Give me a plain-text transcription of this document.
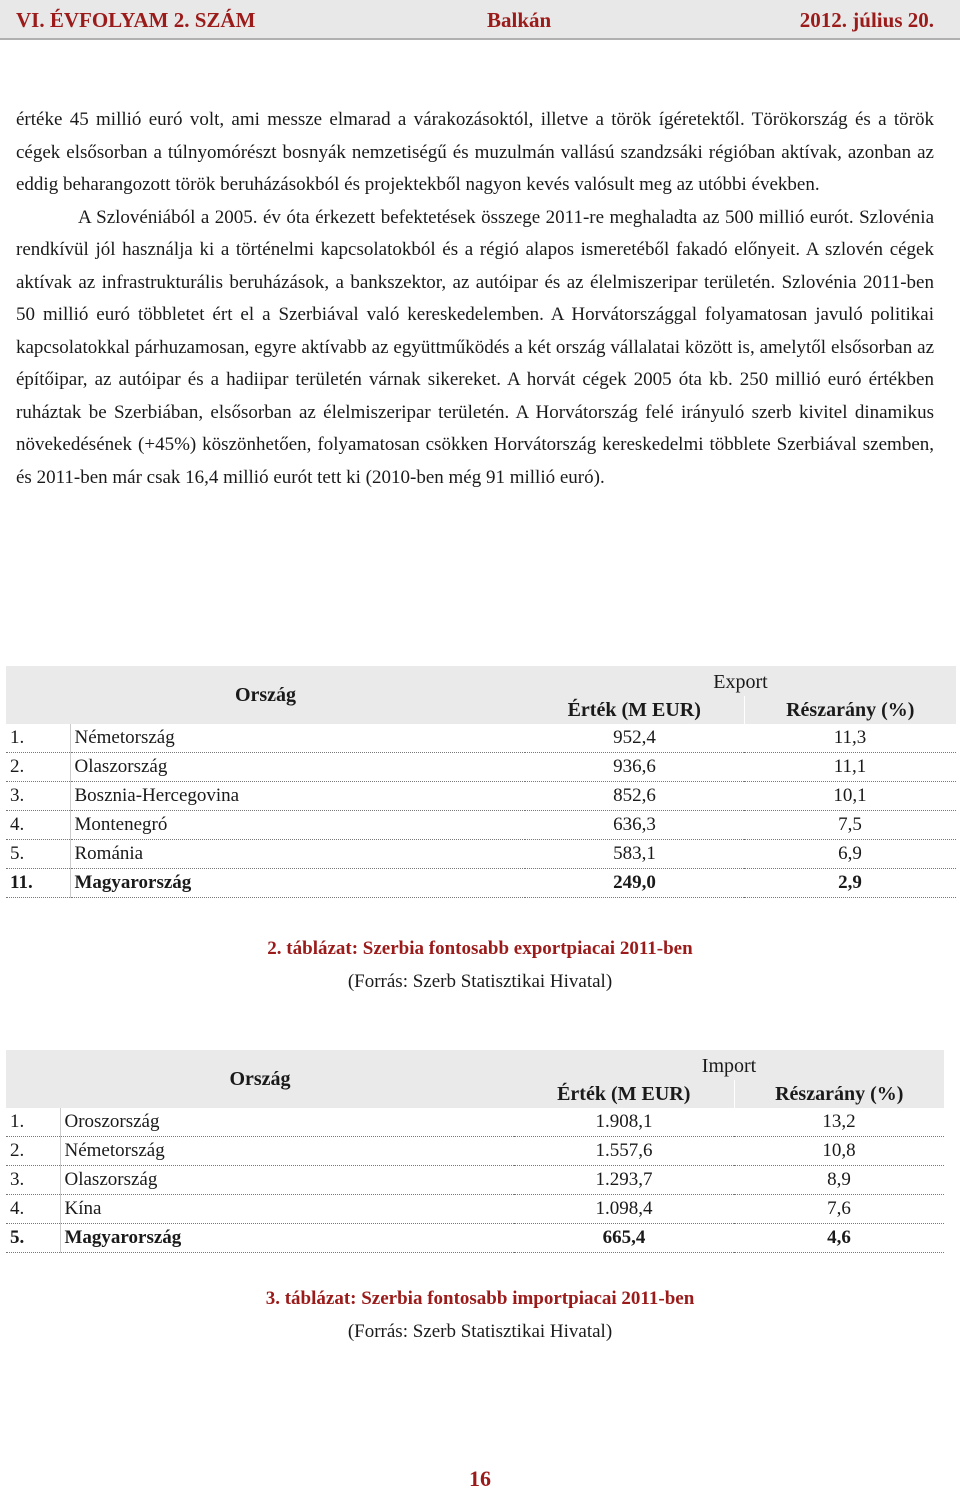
VI. ÉVFOLYAM 2. SZÁM	Balkán	2012. július 20.

értéke 45 millió euró volt, ami messze elmarad a várakozásoktól, illetve a török ígéretektől. Törökország és a török cégek elsősorban a túlnyomórészt bosnyák nemzetiségű és muzulmán vallású szandzsáki régióban aktívak, azonban az eddig beharangozott török beruházásokból és projektekből nagyon kevés valósult meg az utóbbi években.

A Szlovéniából a 2005. év óta érkezett befektetések összege 2011-re meghaladta az 500 millió eurót. Szlovénia rendkívül jól használja ki a történelmi kapcsolatokból és a régió alapos ismeretéből fakadó előnyeit. A szlovén cégek aktívak az infrastrukturális beruházások, a bankszektor, az autóipar és az élelmiszeripar területén. Szlovénia 2011-ben 50 millió euró többletet ért el a Szerbiával való kereskedelemben. A Horvátországgal folyamatosan javuló politikai kapcsolatokkal párhuzamosan, egyre aktívabb az együttműködés a két ország vállalatai között is, amelytől elsősorban az építőipar, az autóipar és a hadiipar területén várnak sikereket. A horvát cégek 2005 óta kb. 250 millió euró értékben ruháztak be Szerbiában, elsősorban az élelmiszeripar területén. A Horvátország felé irányuló szerb kivitel dinamikus növekedésének (+45%) köszönhetően, folyamatosan csökken Horvátország kereskedelmi többlete Szerbiával szemben, és 2011-ben már csak 16,4 millió eurót tett ki (2010-ben még 91 millió euró).

Ország		Export	
		Érték (M EUR)	Részarány (%)
1.	Németország	952,4	11,3
2.	Olaszország	936,6	11,1
3.	Bosznia-Hercegovina	852,6	10,1
4.	Montenegró	636,3	7,5
5.	Románia	583,1	6,9
11.	Magyarország	249,0	2,9
2. táblázat: Szerbia fontosabb exportpiacai 2011-ben
(Forrás: Szerb Statisztikai Hivatal)
Ország		Import	
		Érték (M EUR)	Részarány (%)
1.	Oroszország	1.908,1	13,2
2.	Németország	1.557,6	10,8
3.	Olaszország	1.293,7	8,9
4.	Kína	1.098,4	7,6
5.	Magyarország	665,4	4,6
3. táblázat: Szerbia fontosabb importpiacai 2011-ben
(Forrás: Szerb Statisztikai Hivatal)
16
